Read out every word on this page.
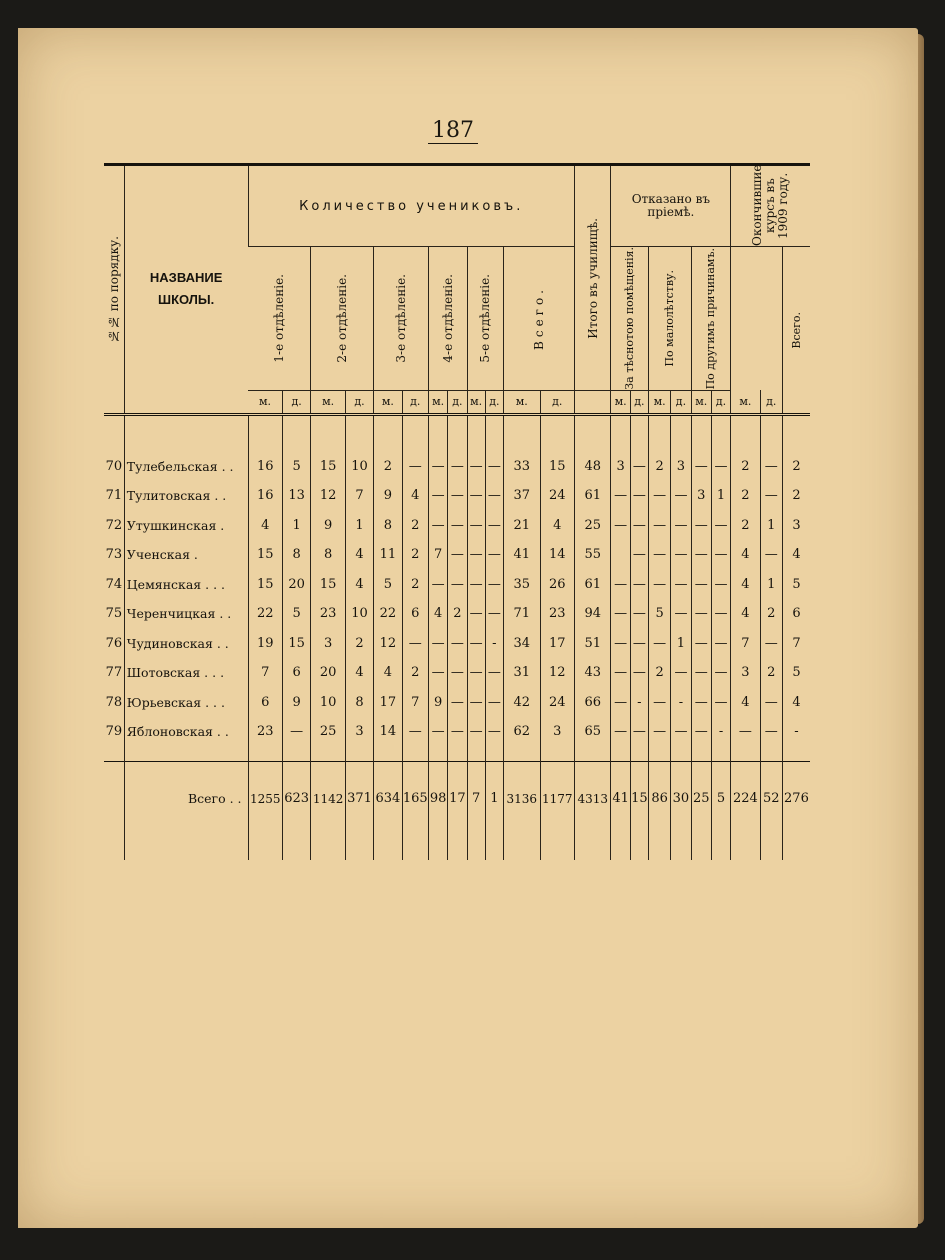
187
№№ по порядку.	НАЗВАНИЕ
ШКОЛЫ.	Количество учениковъ.												Итого въ училищѣ.	Отказано въ пріемѣ.						Окончившие курсъ въ 1909 году.		

		1-е отдѣленіе.		2-е отдѣленіе.		3-е отдѣленіе.		4-е отдѣленіе.		5-е отдѣленіе.		Всего.			За тѣснотою помѣщенія.		По малолѣтству.		По другимъ причинамъ.				Всего.

		м.	д.	м.	д.	м.	д.	м.	д.	м.	д.	м.	д.		м.	д.	м.	д.	м.	д.	м.	д.	

70	Тулебельская . .	16	5	15	10	2	—	—	—	—	—	33	15	48	3	—	2	3	—	—	2	—	2
71	Тулитовская . .	16	13	12	7	9	4	—	—	—	—	37	24	61	—	—	—	—	3	1	2	—	2
72	Утушкинская .	4	1	9	1	8	2	—	—	—	—	21	4	25	—	—	—	—	—	—	2	1	3
73	Ученская .	15	8	8	4	11	2	7	—	—	—	41	14	55		—	—	—	—	—	4	—	4
74	Цемянская . . .	15	20	15	4	5	2	—	—	—	—	35	26	61	—	—	—	—	—	—	4	1	5
75	Черенчицкая . .	22	5	23	10	22	6	4	2	—	—	71	23	94	—	—	5	—	—	—	4	2	6
76	Чудиновская . .	19	15	3	2	12	—	—	—	—	-	34	17	51	—	—	—	1	—	—	7	—	7
77	Шотовская . . .	7	6	20	4	4	2	—	—	—	—	31	12	43	—	—	2	—	—	—	3	2	5
78	Юрьевская . . .	6	9	10	8	17	7	9	—	—	—	42	24	66	—	-	—	-	—	—	4	—	4
79	Яблоновская . .	23	—	25	3	14	—	—	—	—	—	62	3	65	—	—	—	—	—	-	—	—	-

	Всего . .	1255	623	1142	371	634	165	98	17	7	1	3136	1177	4313	41	15	86	30	25	5	224	52	276
